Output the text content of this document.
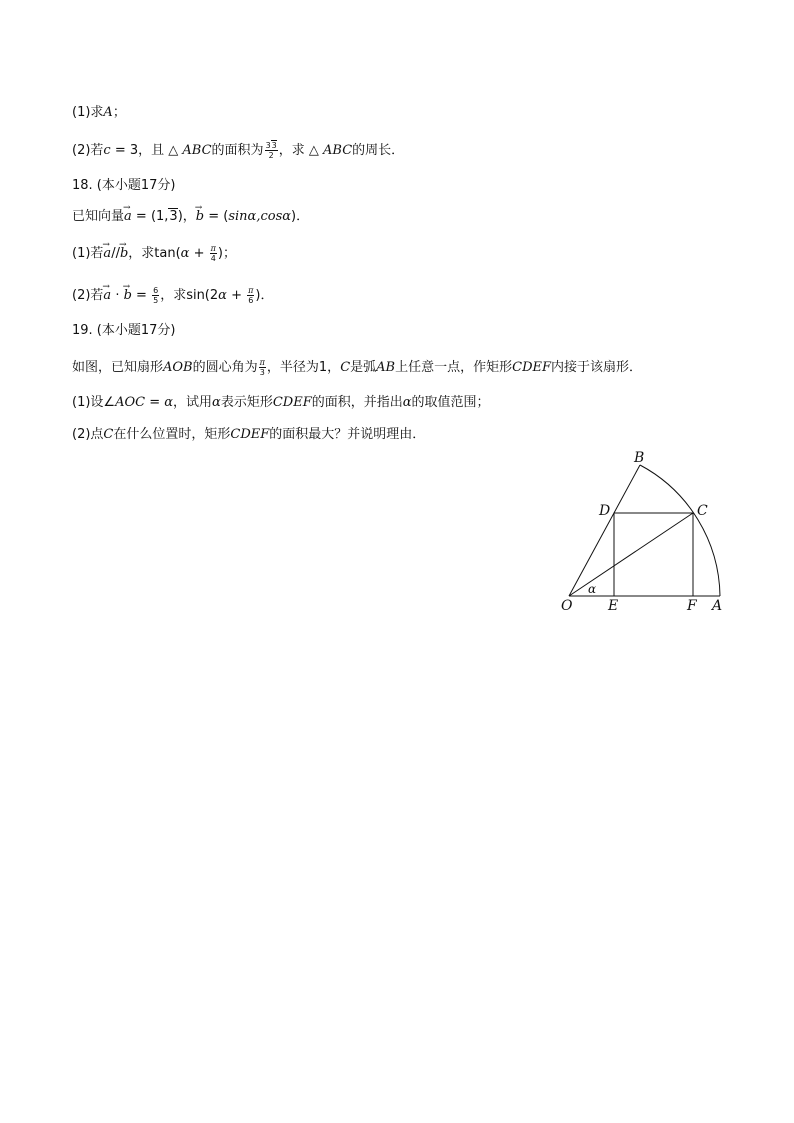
(1)求A；
(2)若c = 3，且 △ ABC的面积为 $\frac{33}{2}$ ，求 △ ABC的周长．
18. (本小题17分)
已知向量→ a = (1,3)，→ b = (sinα,cosα)．
(1)若→ a//→ b，求$\tan(\alpha + \frac{\pi}{4}$ )；
(2)若→ a · → $b = \frac{6}{5}$ ，求$\sin(2\alpha + \frac{\pi}{6}$ )．
19. (本小题17分)
如图，已知扇形AOB的圆心角为 $\frac{\pi}{3}$ ，半径为1，C是弧AB上任意一点，作矩形CDEF内接于该扇形．
(1)设∠AOC = α，试用α表示矩形CDEF的面积，并指出α的取值范围；
(2)点C在什么位置时，矩形CDEF的面积最大？并说明理由．
B
D	C
α
O	E	F A
